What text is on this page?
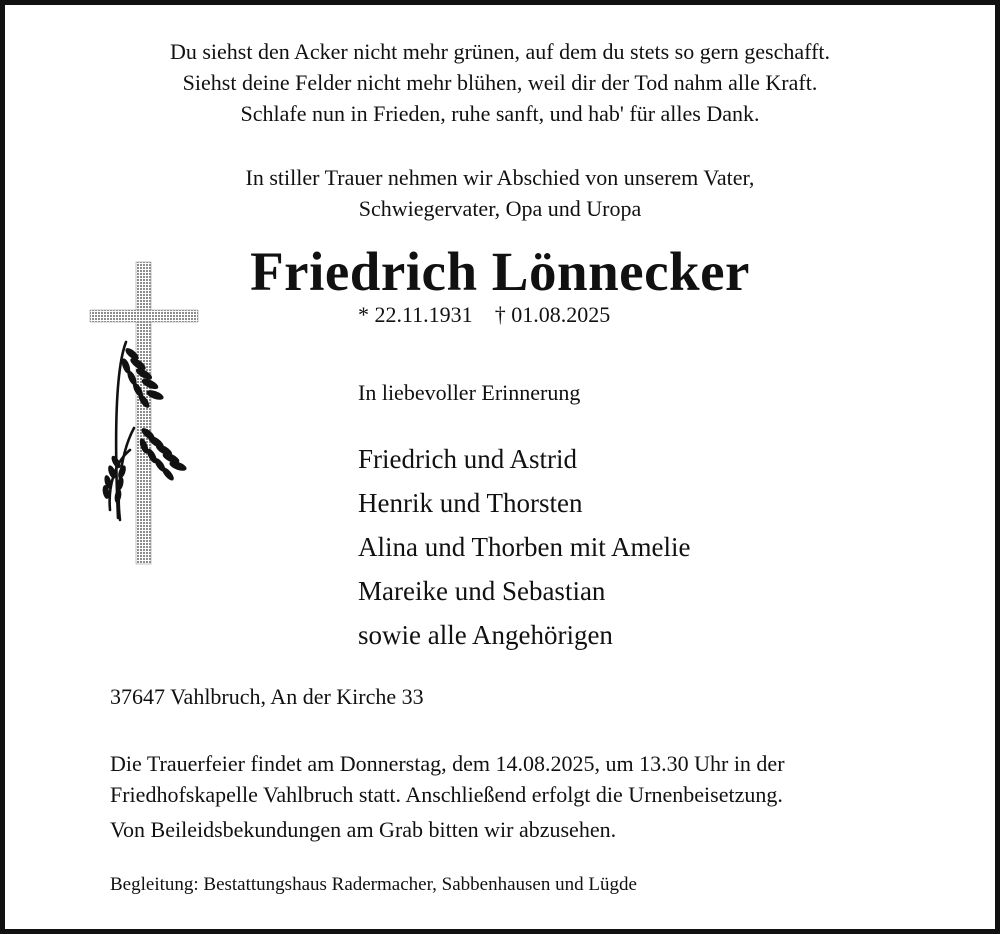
Du siehst den Acker nicht mehr grünen, auf dem du stets so gern geschafft.
Siehst deine Felder nicht mehr blühen, weil dir der Tod nahm alle Kraft.
Schlafe nun in Frieden, ruhe sanft, und hab' für alles Dank.
In stiller Trauer nehmen wir Abschied von unserem Vater,
Schwiegervater, Opa und Uropa
Friedrich Lönnecker
* 22.11.1931 † 01.08.2025
In liebevoller Erinnerung
Friedrich und Astrid
Henrik und Thorsten
Alina und Thorben mit Amelie
Mareike und Sebastian
sowie alle Angehörigen
37647 Vahlbruch, An der Kirche 33
Die Trauerfeier findet am Donnerstag, dem 14.08.2025, um 13.30 Uhr in der
Friedhofskapelle Vahlbruch statt. Anschließend erfolgt die Urnenbeisetzung.
Von Beileidsbekundungen am Grab bitten wir abzusehen.
Begleitung: Bestattungshaus Radermacher, Sabbenhausen und Lügde
